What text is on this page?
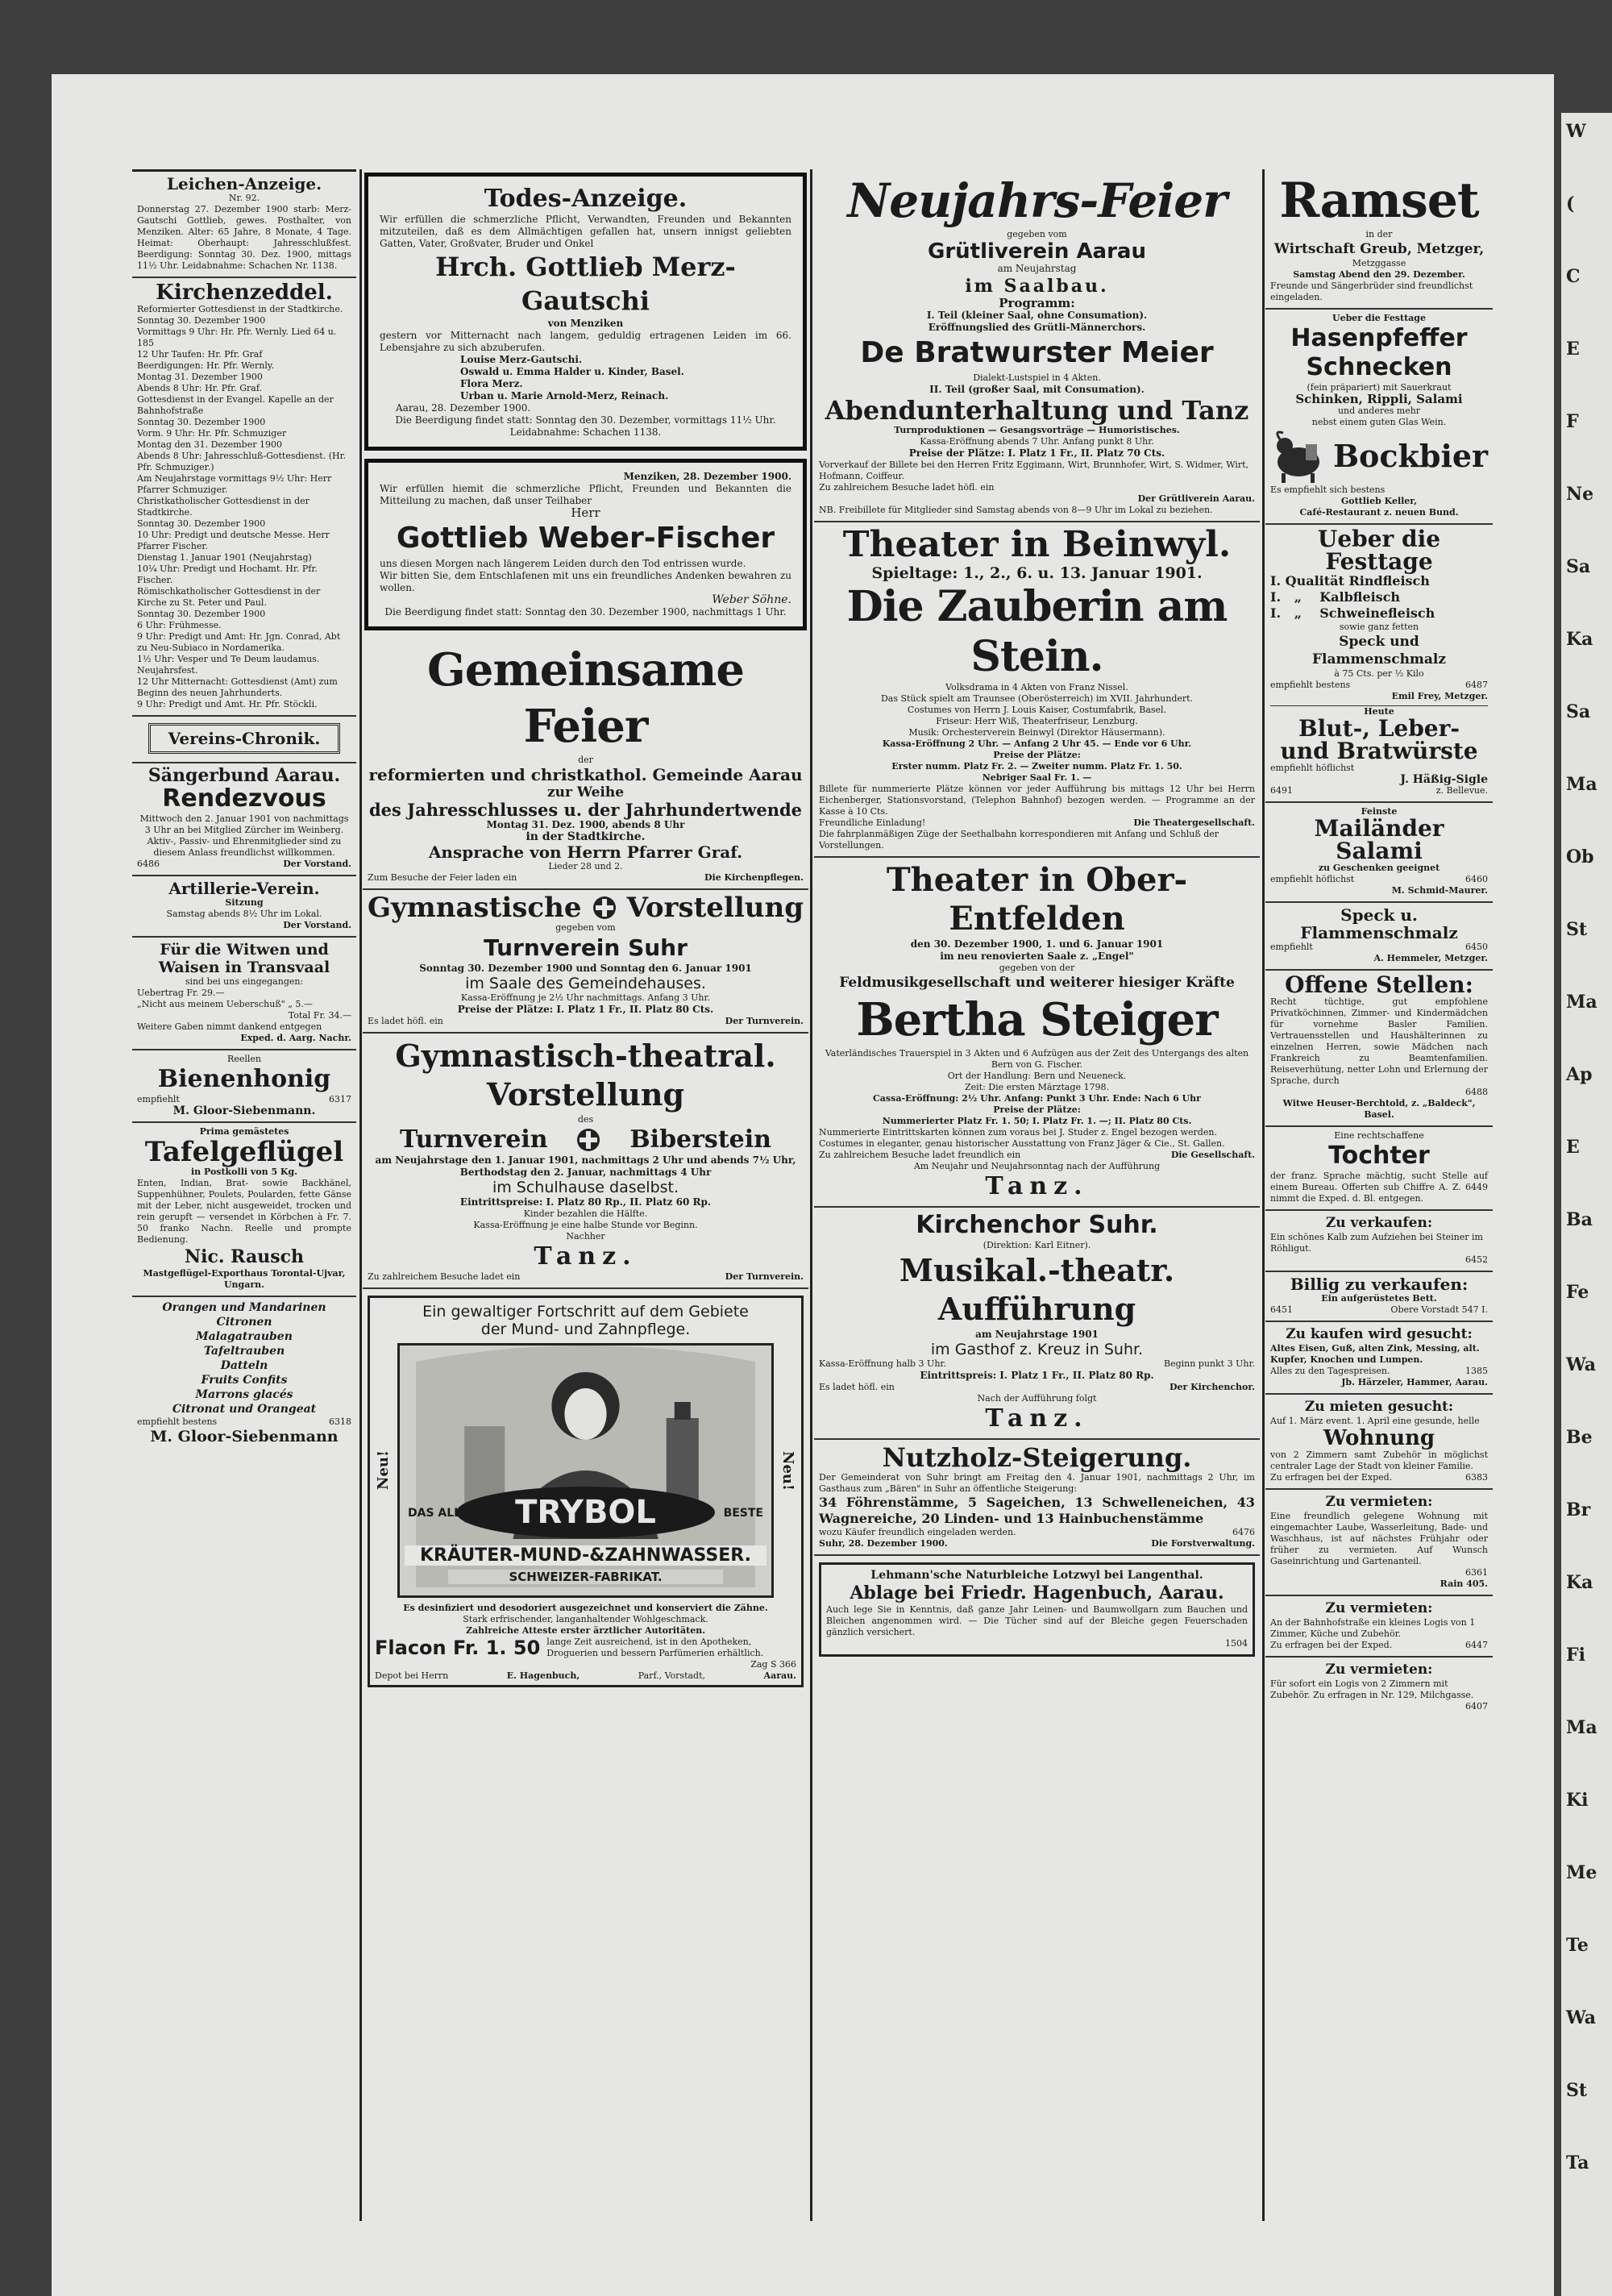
W
(
C
E
F
Ne
Sa
Ka
Sa
Ma
Ob
St
Ma
Ap
E
Ba
Fe
Wa
Be
Br
Ka
Fi
Ma
Ki
Me
Te
Wa
St
Ta
Leichen-Anzeige.
Nr. 92.
Donnerstag 27. Dezember 1900 starb: Merz-Gautschi Gottlieb, gewes. Posthalter, von Menziken. Alter: 65 Jahre, 8 Monate, 4 Tage. Heimat: Oberhaupt: Jahresschlußfest. Beerdigung: Sonntag 30. Dez. 1900, mittags 11½ Uhr. Leidabnahme: Schachen Nr. 1138.
Kirchenzeddel.
Reformierter Gottesdienst in der Stadtkirche.
Sonntag 30. Dezember 1900
Vormittags 9 Uhr: Hr. Pfr. Wernly. Lied 64 u. 185
12 Uhr Taufen: Hr. Pfr. Graf
Beerdigungen: Hr. Pfr. Wernly.
Montag 31. Dezember 1900
Abends 8 Uhr: Hr. Pfr. Graf.
Gottesdienst in der Evangel. Kapelle an der Bahnhofstraße
Sonntag 30. Dezember 1900
Vorm. 9 Uhr: Hr. Pfr. Schmuziger
Montag den 31. Dezember 1900
Abends 8 Uhr: Jahresschluß-Gottesdienst. (Hr. Pfr. Schmuziger.)
Am Neujahrstage vormittags 9½ Uhr: Herr Pfarrer Schmuziger.
Christkatholischer Gottesdienst in der Stadtkirche.
Sonntag 30. Dezember 1900
10 Uhr: Predigt und deutsche Messe. Herr Pfarrer Fischer.
Dienstag 1. Januar 1901 (Neujahrstag)
10¼ Uhr: Predigt und Hochamt. Hr. Pfr. Fischer.
Römischkatholischer Gottesdienst in der Kirche zu St. Peter und Paul.
Sonntag 30. Dezember 1900
6 Uhr: Frühmesse.
9 Uhr: Predigt und Amt: Hr. Jgn. Conrad, Abt zu Neu-Subiaco in Nordamerika.
1½ Uhr: Vesper und Te Deum laudamus.
Neujahrsfest.
12 Uhr Mitternacht: Gottesdienst (Amt) zum Beginn des neuen Jahrhunderts.
9 Uhr: Predigt und Amt. Hr. Pfr. Stöckli.
Vereins-Chronik.
Sängerbund Aarau.
Rendezvous
Mittwoch den 2. Januar 1901 von nachmittags 3 Uhr an bei Mitglied Zürcher im Weinberg. Aktiv-, Passiv- und Ehrenmitglieder sind zu diesem Anlass freundlichst willkommen.
6486	Der Vorstand.
Artillerie-Verein.
Sitzung
Samstag abends 8½ Uhr im Lokal.
Der Vorstand.
Für die Witwen und Waisen in Transvaal
sind bei uns eingegangen:
Uebertrag Fr. 29.—
„Nicht aus meinem Ueberschuß" „ 5.—
Total Fr. 34.—
Weitere Gaben nimmt dankend entgegen
Exped. d. Aarg. Nachr.
Reellen
Bienenhonig
empfiehlt	6317
M. Gloor-Siebenmann.
Prima gemästetes
Tafelgeflügel
in Postkolli von 5 Kg.
Enten, Indian, Brat- sowie Backhänel, Suppenhühner, Poulets, Poularden, fette Gänse mit der Leber, nicht ausgeweidet, trocken und rein gerupft — versendet in Körbchen à Fr. 7. 50 franko Nachn. Reelle und prompte Bedienung.
Nic. Rausch
Mastgeflügel-Exporthaus Torontal-Ujvar, Ungarn.
Orangen und Mandarinen
Citronen
Malagatrauben
Tafeltrauben
Datteln
Fruits Confits
Marrons glacés
Citronat und Orangeat
empfiehlt bestens	6318
M. Gloor-Siebenmann
Todes-Anzeige.
Wir erfüllen die schmerzliche Pflicht, Verwandten, Freunden und Bekannten mitzuteilen, daß es dem Allmächtigen gefallen hat, unsern innigst geliebten Gatten, Vater, Großvater, Bruder und Onkel
Hrch. Gottlieb Merz-Gautschi
von Menziken
gestern vor Mitternacht nach langem, geduldig ertragenen Leiden im 66. Lebensjahre zu sich abzuberufen.
Louise Merz-Gautschi.
Oswald u. Emma Halder u. Kinder, Basel.
Flora Merz.
Urban u. Marie Arnold-Merz, Reinach.
Aarau, 28. Dezember 1900.
Die Beerdigung findet statt: Sonntag den 30. Dezember, vormittags 11½ Uhr. Leidabnahme: Schachen 1138.
Menziken, 28. Dezember 1900.
Wir erfüllen hiemit die schmerzliche Pflicht, Freunden und Bekannten die Mitteilung zu machen, daß unser Teilhaber
Herr
Gottlieb Weber-Fischer
uns diesen Morgen nach längerem Leiden durch den Tod entrissen wurde.
Wir bitten Sie, dem Entschlafenen mit uns ein freundliches Andenken bewahren zu wollen.
Weber Söhne.
Die Beerdigung findet statt: Sonntag den 30. Dezember 1900, nachmittags 1 Uhr.
Gemeinsame Feier
der
reformierten und christkathol. Gemeinde Aarau
zur Weihe
des Jahresschlusses u. der Jahrhundertwende
Montag 31. Dez. 1900, abends 8 Uhr
in der Stadtkirche.
Ansprache von Herrn Pfarrer Graf.
Lieder 28 und 2.
Zum Besuche der Feier laden ein	Die Kirchenpflegen.
Gymnastische Vorstellung
gegeben vom
Turnverein Suhr
Sonntag 30. Dezember 1900 und Sonntag den 6. Januar 1901
im Saale des Gemeindehauses.
Kassa-Eröffnung je 2½ Uhr nachmittags. Anfang 3 Uhr.
Preise der Plätze: I. Platz 1 Fr., II. Platz 80 Cts.
Es ladet höfl. ein	Der Turnverein.
Gymnastisch-theatral. Vorstellung
des
Turnverein	Biberstein
am Neujahrstage den 1. Januar 1901, nachmittags 2 Uhr und abends 7½ Uhr,
Berthodstag den 2. Januar, nachmittags 4 Uhr
im Schulhause daselbst.
Eintrittspreise: I. Platz 80 Rp., II. Platz 60 Rp.
Kinder bezahlen die Hälfte.
Kassa-Eröffnung je eine halbe Stunde vor Beginn.
Nachher
Tanz.
Zu zahlreichem Besuche ladet ein	Der Turnverein.
Ein gewaltiger Fortschritt auf dem Gebiete
der Mund- und Zahnpflege.
Neu!
TRYBOL
DAS ALLER-	BESTE
KRÄUTER-MUND-&ZAHNWASSER.
SCHWEIZER-FABRIKAT.
Neu!
Es desinfiziert und desodoriert ausgezeichnet und konserviert die Zähne.
Stark erfrischender, langanhaltender Wohlgeschmack.
Zahlreiche Atteste erster ärztlicher Autoritäten.
Flacon Fr. 1. 50 lange Zeit ausreichend, ist in den Apotheken, Droguerien und bessern Parfümerien erhältlich.
Zag S 366
Depot bei Herrn	E. Hagenbuch,	Parf., Vorstadt,	Aarau.
Neujahrs-Feier
gegeben vom
Grütliverein Aarau
am Neujahrstag
im Saalbau.
Programm:
I. Teil (kleiner Saal, ohne Consumation).
Eröffnungslied des Grütli-Männerchors.
De Bratwurster Meier
Dialekt-Lustspiel in 4 Akten.
II. Teil (großer Saal, mit Consumation).
Abendunterhaltung und Tanz
Turnproduktionen — Gesangsvorträge — Humoristisches.
Kassa-Eröffnung abends 7 Uhr. Anfang punkt 8 Uhr.
Preise der Plätze: I. Platz 1 Fr., II. Platz 70 Cts.
Vorverkauf der Billete bei den Herren Fritz Eggimann, Wirt, Brunnhofer, Wirt, S. Widmer, Wirt, Hofmann, Coiffeur.
Zu zahlreichem Besuche ladet höfl. ein
Der Grütliverein Aarau.
NB. Freibillete für Mitglieder sind Samstag abends von 8—9 Uhr im Lokal zu beziehen.
Theater in Beinwyl.
Spieltage: 1., 2., 6. u. 13. Januar 1901.
Die Zauberin am Stein.
Volksdrama in 4 Akten von Franz Nissel.
Das Stück spielt am Traunsee (Oberösterreich) im XVII. Jahrhundert.
Costumes von Herrn J. Louis Kaiser, Costumfabrik, Basel.
Friseur: Herr Wiß, Theaterfriseur, Lenzburg.
Musik: Orchesterverein Beinwyl (Direktor Häusermann).
Kassa-Eröffnung 2 Uhr. — Anfang 2 Uhr 45. — Ende vor 6 Uhr.
Preise der Plätze:
Erster numm. Platz Fr. 2. — Zweiter numm. Platz Fr. 1. 50.
Nebriger Saal Fr. 1. —
Billete für nummerierte Plätze können vor jeder Aufführung bis mittags 12 Uhr bei Herrn Eichenberger, Stationsvorstand, (Telephon Bahnhof) bezogen werden. — Programme an der Kasse à 10 Cts.
Freundliche Einladung!	Die Theatergesellschaft.
Die fahrplanmäßigen Züge der Seethalbahn korrespondieren mit Anfang und Schluß der Vorstellungen.
Theater in Ober-Entfelden
den 30. Dezember 1900, 1. und 6. Januar 1901
im neu renovierten Saale z. „Engel"
gegeben von der
Feldmusikgesellschaft und weiterer hiesiger Kräfte
Bertha Steiger
Vaterländisches Trauerspiel in 3 Akten und 6 Aufzügen aus der Zeit des Untergangs des alten Bern von G. Fischer.
Ort der Handlung: Bern und Neueneck.
Zeit: Die ersten Märztage 1798.
Cassa-Eröffnung: 2½ Uhr. Anfang: Punkt 3 Uhr. Ende: Nach 6 Uhr
Preise der Plätze:
Nummerierter Platz Fr. 1. 50; I. Platz Fr. 1. —; II. Platz 80 Cts.
Nummerierte Eintrittskarten können zum voraus bei J. Studer z. Engel bezogen werden.
Costumes in eleganter, genau historischer Ausstattung von Franz Jäger & Cie., St. Gallen.
Zu zahlreichem Besuche ladet freundlich ein	Die Gesellschaft.
Am Neujahr und Neujahrsonntag nach der Aufführung
Tanz.
Kirchenchor Suhr.
(Direktion: Karl Eitner).
Musikal.-theatr. Aufführung
am Neujahrstage 1901
im Gasthof z. Kreuz in Suhr.
Kassa-Eröffnung halb 3 Uhr.	Beginn punkt 3 Uhr.
Eintrittspreis: I. Platz 1 Fr., II. Platz 80 Rp.
Es ladet höfl. ein	Der Kirchenchor.
Nach der Aufführung folgt
Tanz.
Nutzholz-Steigerung.
Der Gemeinderat von Suhr bringt am Freitag den 4. Januar 1901, nachmittags 2 Uhr, im Gasthaus zum „Bären" in Suhr an öffentliche Steigerung:
34 Föhrenstämme, 5 Sageichen, 13 Schwelleneichen, 43 Wagnereiche, 20 Linden- und 13 Hainbuchenstämme
wozu Käufer freundlich eingeladen werden.	6476
Suhr, 28. Dezember 1900.	Die Forstverwaltung.
Lehmann'sche Naturbleiche Lotzwyl bei Langenthal.
Ablage bei Friedr. Hagenbuch, Aarau.
Auch lege Sie in Kenntnis, daß ganze Jahr Leinen- und Baumwollgarn zum Bauchen und Bleichen angenommen wird. — Die Tücher sind auf der Bleiche gegen Feuerschaden gänzlich versichert.
1504
Ramset
in der
Wirtschaft Greub, Metzger,
Metzggasse
Samstag Abend den 29. Dezember.
Freunde und Sängerbrüder sind freundlichst eingeladen.
Ueber die Festtage
Hasenpfeffer
Schnecken
(fein präpariert) mit Sauerkraut
Schinken, Rippli, Salami
und anderes mehr
nebst einem guten Glas Wein.
Bockbier
Es empfiehlt sich bestens
Gottlieb Keller,
Café-Restaurant z. neuen Bund.
Ueber die Festtage
I. Qualität Rindfleisch
I.   „    Kalbfleisch
I.   „    Schweinefleisch
sowie ganz fetten
Speck und Flammenschmalz
à 75 Cts. per ½ Kilo
empfiehlt bestens	6487
Emil Frey, Metzger.
Heute
Blut-, Leber-
und Bratwürste
empfiehlt höflichst
J. Häßig-Sigle
6491	z. Bellevue.
Feinste
Mailänder Salami
zu Geschenken geeignet
empfiehlt höflichst	6460
M. Schmid-Maurer.
Speck u. Flammenschmalz
empfiehlt	6450
A. Hemmeler, Metzger.
Offene Stellen:
Recht tüchtige, gut empfohlene Privatköchinnen, Zimmer- und Kindermädchen für vornehme Basler Familien. Vertrauensstellen und Haushälterinnen zu einzelnen Herren, sowie Mädchen nach Frankreich zu Beamtenfamilien. Reiseverhütung, netter Lohn und Erlernung der Sprache, durch
6488
Witwe Heuser-Berchtold, z. „Baldeck", Basel.
Eine rechtschaffene
Tochter
der franz. Sprache mächtig, sucht Stelle auf einem Bureau. Offerten sub Chiffre A. Z. 6449 nimmt die Exped. d. Bl. entgegen.
Zu verkaufen:
Ein schönes Kalb zum Aufziehen bei Steiner im Röhligut.
6452
Billig zu verkaufen:
Ein aufgerüstetes Bett.
6451	Obere Vorstadt 547 I.
Zu kaufen wird gesucht:
Altes Eisen, Guß, alten Zink, Messing, alt. Kupfer, Knochen und Lumpen.
Alles zu den Tagespreisen.	1385
Jb. Härzeler, Hammer, Aarau.
Zu mieten gesucht:
Auf 1. März event. 1. April eine gesunde, helle
Wohnung
von 2 Zimmern samt Zubehör in möglichst centraler Lage der Stadt von kleiner Familie.
Zu erfragen bei der Exped.	6383
Zu vermieten:
Eine freundlich gelegene Wohnung mit eingemachter Laube, Wasserleitung, Bade- und Waschhaus, ist auf nächstes Frühjahr oder früher zu vermieten. Auf Wunsch Gaseinrichtung und Gartenanteil.
6361
Rain 405.
Zu vermieten:
An der Bahnhofstraße ein kleines Logis von 1 Zimmer, Küche und Zubehör.
Zu erfragen bei der Exped.	6447
Zu vermieten:
Für sofort ein Logis von 2 Zimmern mit Zubehör. Zu erfragen in Nr. 129, Milchgasse.
6407
